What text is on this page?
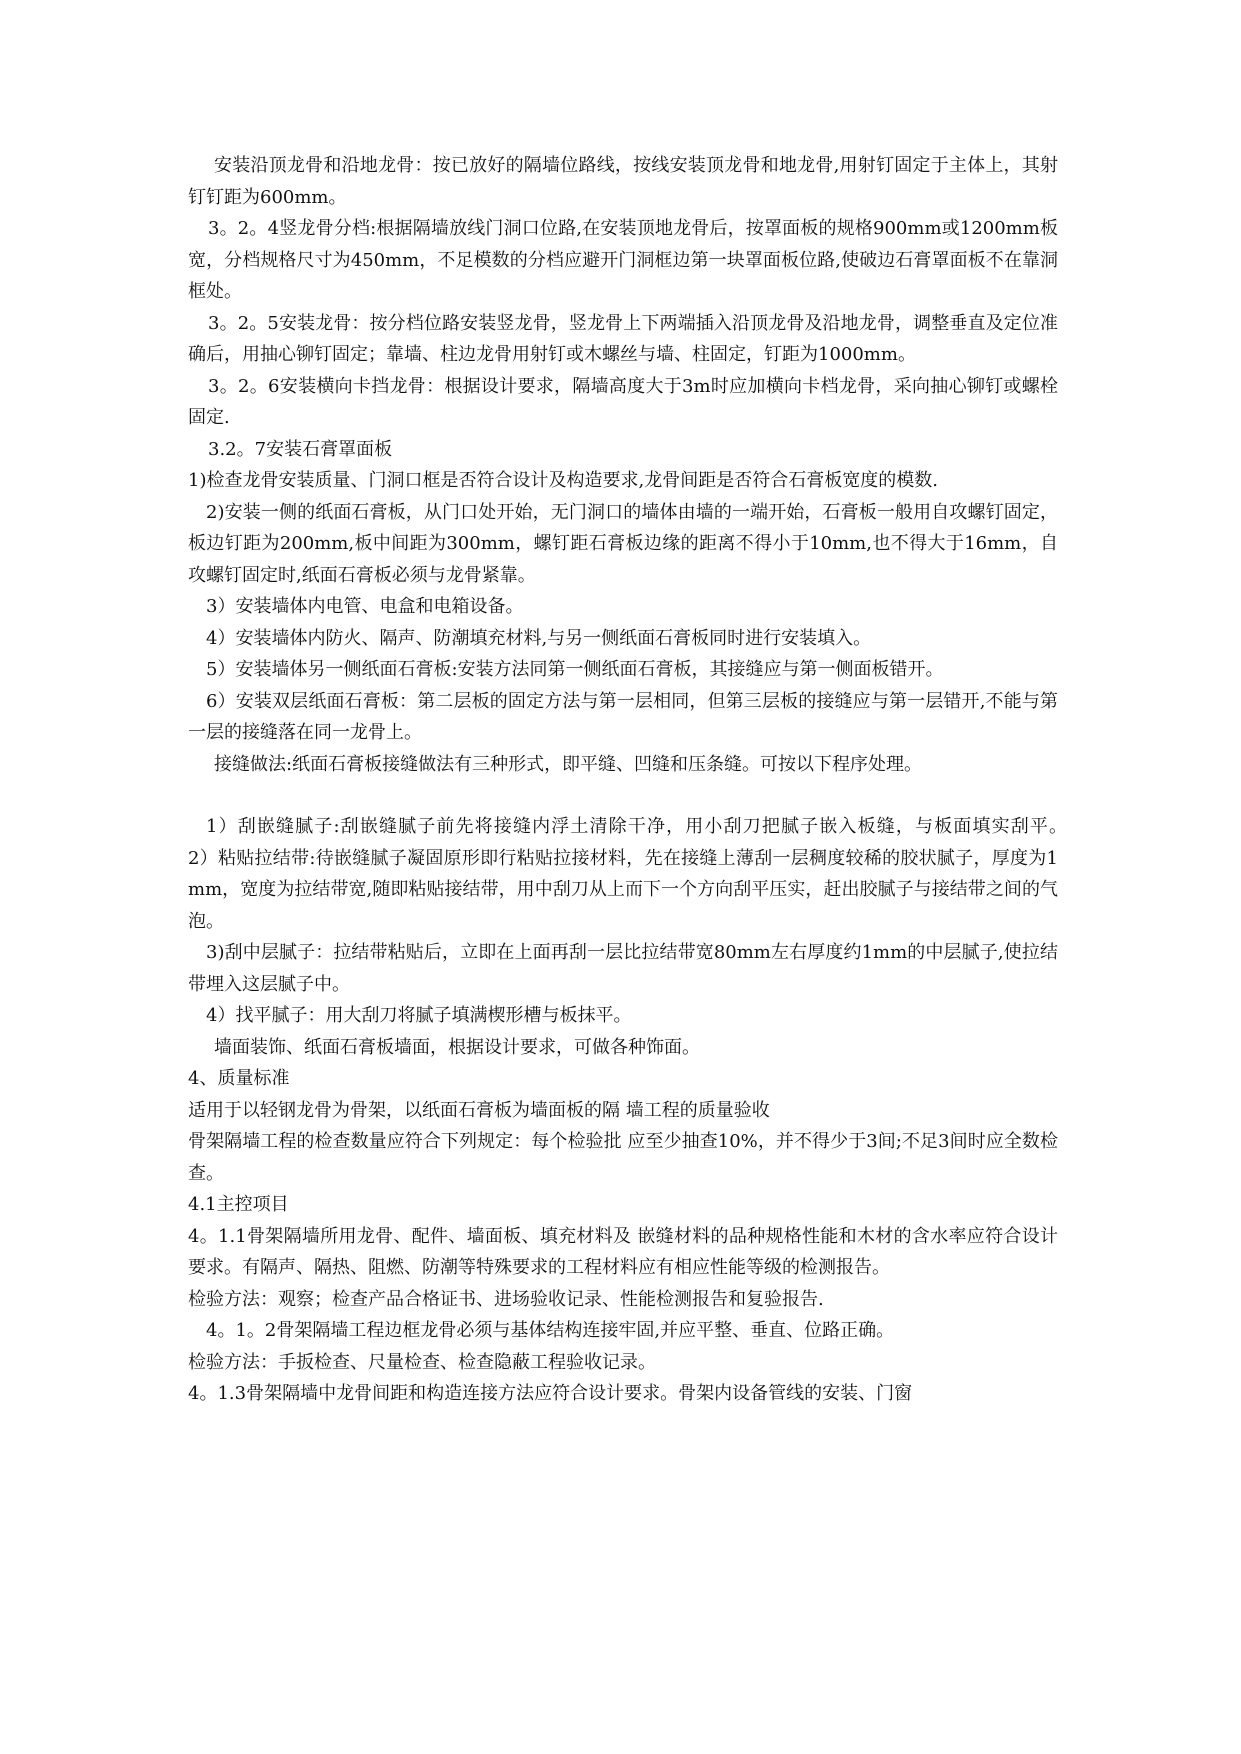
安装沿顶龙骨和沿地龙骨：按已放好的隔墙位路线，按线安装顶龙骨和地龙骨,用射钉固定于主体上，其射钉钉距为600mm。

3。2。4竖龙骨分档:根据隔墙放线门洞口位路,在安装顶地龙骨后，按罩面板的规格900mm或1200mm板宽，分档规格尺寸为450mm，不足模数的分档应避开门洞框边第一块罩面板位路,使破边石膏罩面板不在靠洞框处。

3。2。5安装龙骨：按分档位路安装竖龙骨，竖龙骨上下两端插入沿顶龙骨及沿地龙骨，调整垂直及定位准确后，用抽心铆钉固定；靠墙、柱边龙骨用射钉或木螺丝与墙、柱固定，钉距为1000mm。

3。2。6安装横向卡挡龙骨：根据设计要求，隔墙高度大于3m时应加横向卡档龙骨，采向抽心铆钉或螺栓固定.

3.2。7安装石膏罩面板

1)检查龙骨安装质量、门洞口框是否符合设计及构造要求,龙骨间距是否符合石膏板宽度的模数.

2)安装一侧的纸面石膏板，从门口处开始，无门洞口的墙体由墙的一端开始，石膏板一般用自攻螺钉固定，板边钉距为200mm,板中间距为300mm，螺钉距石膏板边缘的距离不得小于10mm,也不得大于16mm，自攻螺钉固定时,纸面石膏板必须与龙骨紧靠。

3）安装墙体内电管、电盒和电箱设备。

4）安装墙体内防火、隔声、防潮填充材料,与另一侧纸面石膏板同时进行安装填入。

5）安装墙体另一侧纸面石膏板:安装方法同第一侧纸面石膏板，其接缝应与第一侧面板错开。

6）安装双层纸面石膏板：第二层板的固定方法与第一层相同，但第三层板的接缝应与第一层错开,不能与第一层的接缝落在同一龙骨上。

接缝做法:纸面石膏板接缝做法有三种形式，即平缝、凹缝和压条缝。可按以下程序处理。

1）刮嵌缝腻子:刮嵌缝腻子前先将接缝内浮土清除干净，用小刮刀把腻子嵌入板缝，与板面填实刮平。　　2）粘贴拉结带:待嵌缝腻子凝固原形即行粘贴拉接材料，先在接缝上薄刮一层稠度较稀的胶状腻子，厚度为1mm，宽度为拉结带宽,随即粘贴接结带，用中刮刀从上而下一个方向刮平压实，赶出胶腻子与接结带之间的气泡。

3)刮中层腻子：拉结带粘贴后，立即在上面再刮一层比拉结带宽80mm左右厚度约1mm的中层腻子,使拉结带埋入这层腻子中。

4）找平腻子：用大刮刀将腻子填满楔形槽与板抹平。

墙面装饰、纸面石膏板墙面，根据设计要求，可做各种饰面。

4、质量标准

适用于以轻钢龙骨为骨架，以纸面石膏板为墙面板的隔 墙工程的质量验收

骨架隔墙工程的检查数量应符合下列规定：每个检验批 应至少抽查10%，并不得少于3间;不足3间时应全数检查。

4.1主控项目

4。1.1骨架隔墙所用龙骨、配件、墙面板、填充材料及 嵌缝材料的品种规格性能和木材的含水率应符合设计要求。有隔声、隔热、阻燃、防潮等特殊要求的工程材料应有相应性能等级的检测报告。

检验方法：观察；检查产品合格证书、进场验收记录、性能检测报告和复验报告.

4。1。2骨架隔墙工程边框龙骨必须与基体结构连接牢固,并应平整、垂直、位路正确。

检验方法：手扳检查、尺量检查、检查隐蔽工程验收记录。

4。1.3骨架隔墙中龙骨间距和构造连接方法应符合设计要求。骨架内设备管线的安装、门窗
